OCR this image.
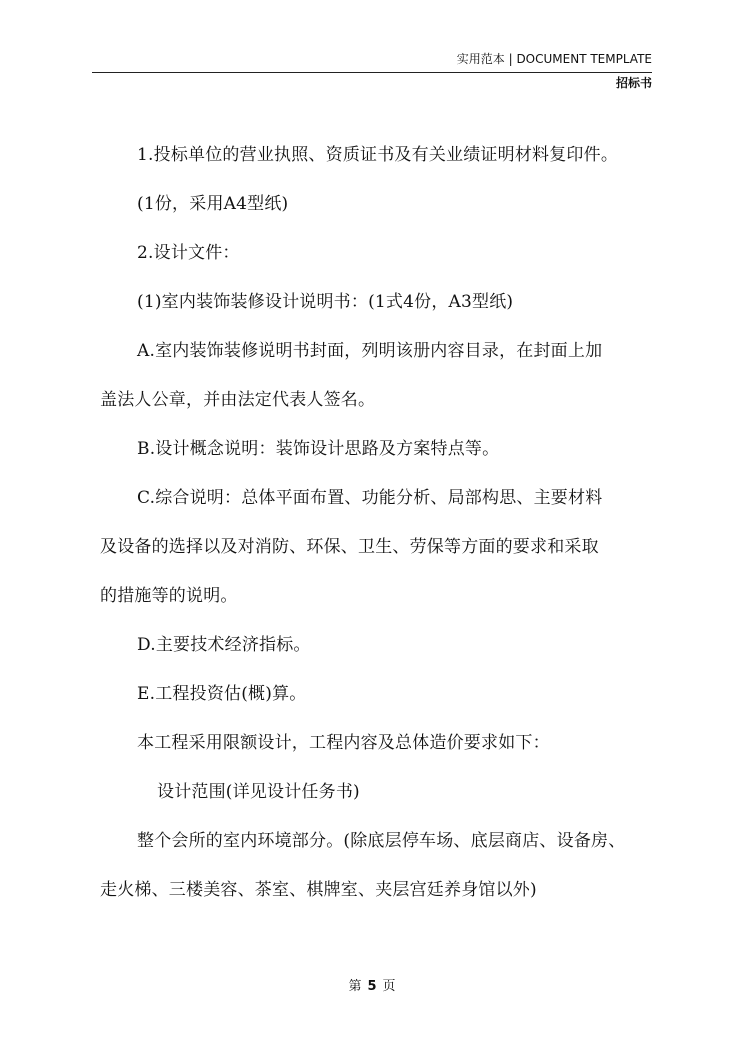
实用范本 | DOCUMENT TEMPLATE
招标书

1.投标单位的营业执照、资质证书及有关业绩证明材料复印件。

(1份，采用A4型纸)

2.设计文件：

(1)室内装饰装修设计说明书：(1式4份，A3型纸)

A.室内装饰装修说明书封面，列明该册内容目录，在封面上加

盖法人公章，并由法定代表人签名。

B.设计概念说明：装饰设计思路及方案特点等。

C.综合说明：总体平面布置、功能分析、局部构思、主要材料

及设备的选择以及对消防、环保、卫生、劳保等方面的要求和采取

的措施等的说明。

D.主要技术经济指标。

E.工程投资估(概)算。

本工程采用限额设计，工程内容及总体造价要求如下：

设计范围(详见设计任务书)

整个会所的室内环境部分。(除底层停车场、底层商店、设备房、

走火梯、三楼美容、茶室、棋牌室、夹层宫廷养身馆以外)

第 5 页
